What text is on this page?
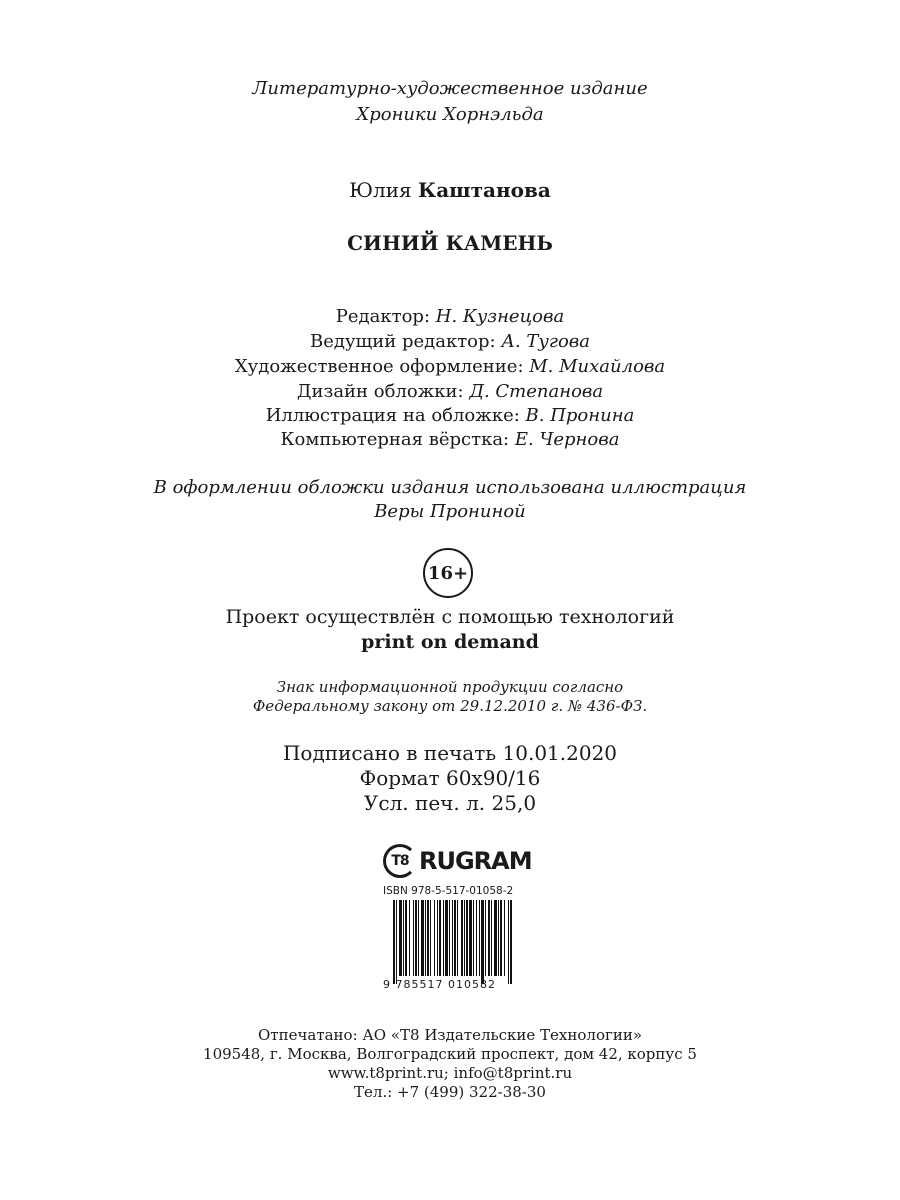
Литературно-художественное издание
Хроники Хорнэльда
Юлия Каштанова
СИНИЙ КАМЕНЬ
Редактор: Н. Кузнецова
Ведущий редактор: А. Тугова
Художественное оформление: М. Михайлова
Дизайн обложки: Д. Степанова
Иллюстрация на обложке: В. Пронина
Компьютерная вёрстка: Е. Чернова
В оформлении обложки издания использована иллюстрация
Веры Прониной
16+
Проект осуществлён с помощью технологий
print on demand
Знак информационной продукции согласно
Федеральному закону от 29.12.2010 г. № 436-ФЗ.
Подписано в печать 10.01.2020
Формат 60x90/16
Усл. печ. л. 25,0
T8 RUGRAM
ISBN 978-5-517-01058-2
9 785517 010582
Отпечатано: АО «Т8 Издательские Технологии»
109548, г. Москва, Волгоградский проспект, дом 42, корпус 5
www.t8print.ru; info@t8print.ru
Тел.: +7 (499) 322-38-30
